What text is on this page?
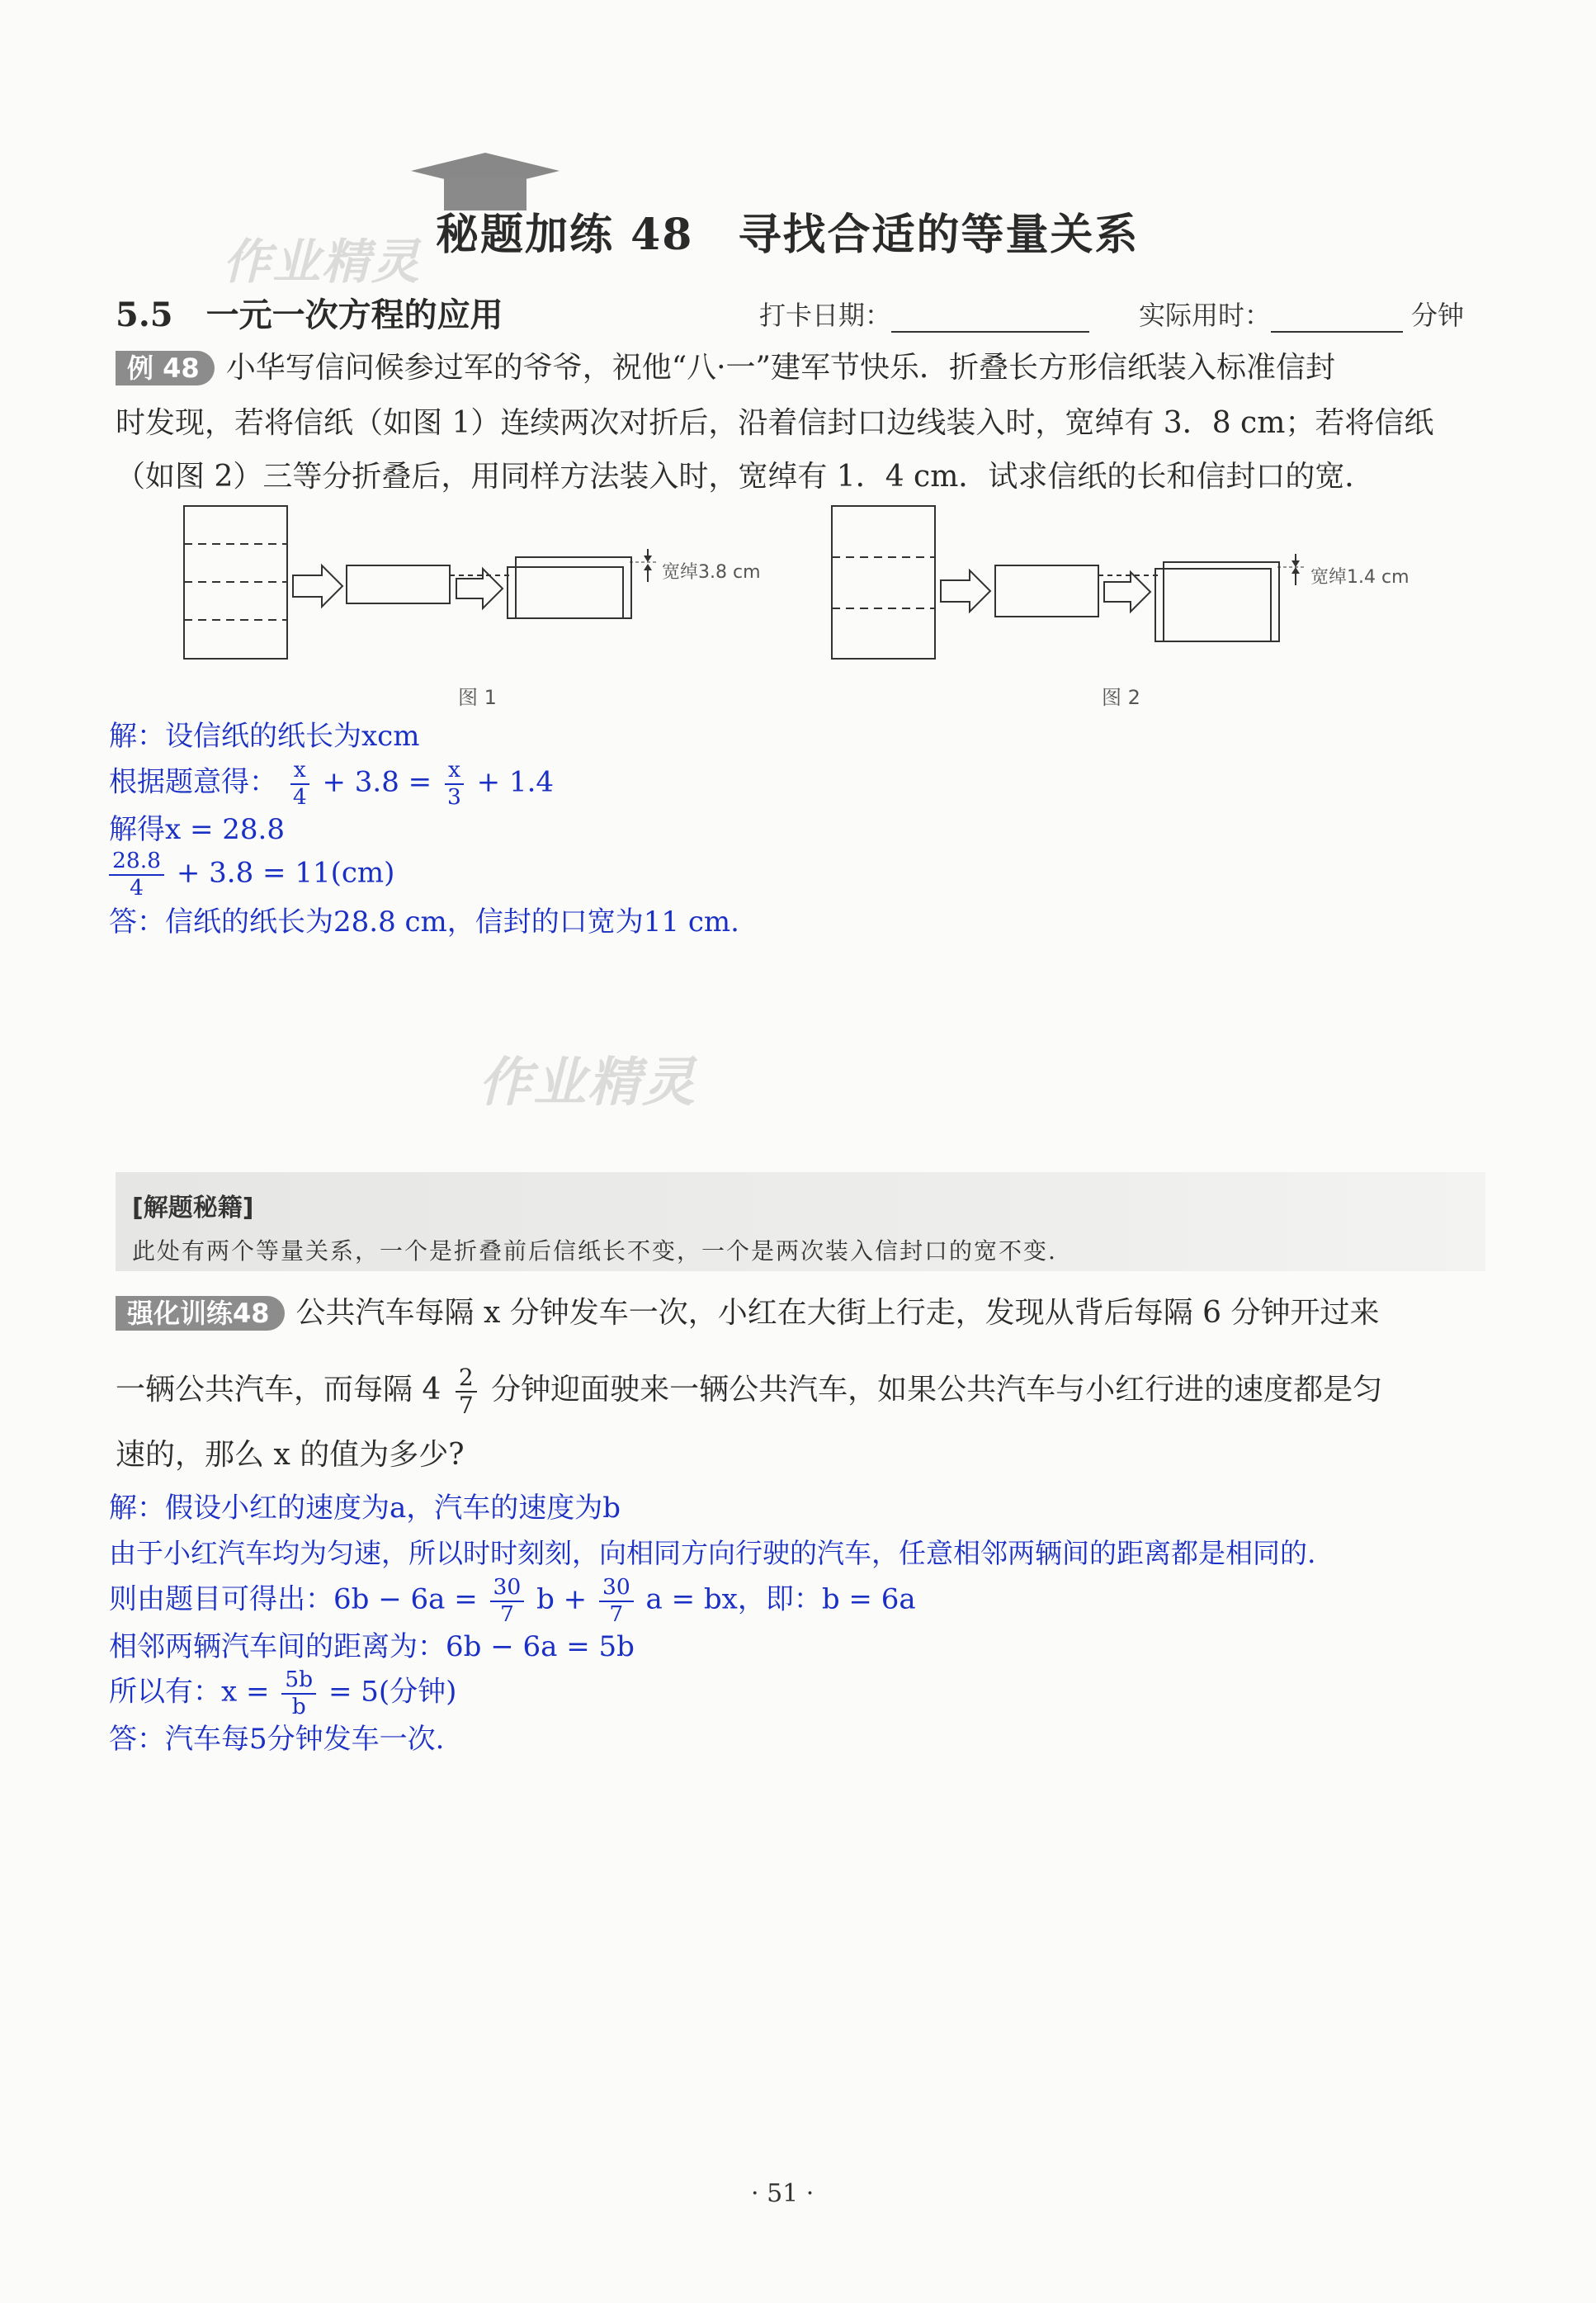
作业精灵 秘题加练 48　寻找合适的等量关系
5.5　一元一次方程的应用	打卡日期：	实际用时：	分钟
例 48 小华写信问候参过军的爷爷，祝他“八·一”建军节快乐．折叠长方形信纸装入标准信封
时发现，若将信纸（如图 1）连续两次对折后，沿着信封口边线装入时，宽绰有 3．8 cm；若将信纸
（如图 2）三等分折叠后，用同样方法装入时，宽绰有 1．4 cm．试求信纸的长和信封口的宽．
宽绰3.8 cm
图 1
宽绰1.4 cm
图 2
解：设信纸的纸长为xcm
根据题意得： $\frac{x}{4} + 3.8 = \frac{x}{3} + 1.4$
解得x = 28.8
$\frac{28.8}{4} + 3.8 = 11(cm)$
答：信纸的纸长为28.8 cm，信封的口宽为11 cm.
作业精灵
[解题秘籍]
此处有两个等量关系，一个是折叠前后信纸长不变，一个是两次装入信封口的宽不变.
强化训练48 公共汽车每隔 x 分钟发车一次，小红在大街上行走，发现从背后每隔 6 分钟开过来
一辆公共汽车，而每隔 $4 \frac{2}{7}$ 分钟迎面驶来一辆公共汽车，如果公共汽车与小红行进的速度都是匀
速的，那么 x 的值为多少?
解：假设小红的速度为a，汽车的速度为b
由于小红汽车均为匀速，所以时时刻刻，向相同方向行驶的汽车，任意相邻两辆间的距离都是相同的.
则由题目可得出：$6b - 6a = \frac{30}{7}$ $b + \frac{30}{7}$ a = bx，即：b = 6a
相邻两辆汽车间的距离为：6b − 6a = 5b
所以有：$x = \frac{5b}{b} = 5$(分钟)
答：汽车每5分钟发车一次.
· 51 ·
